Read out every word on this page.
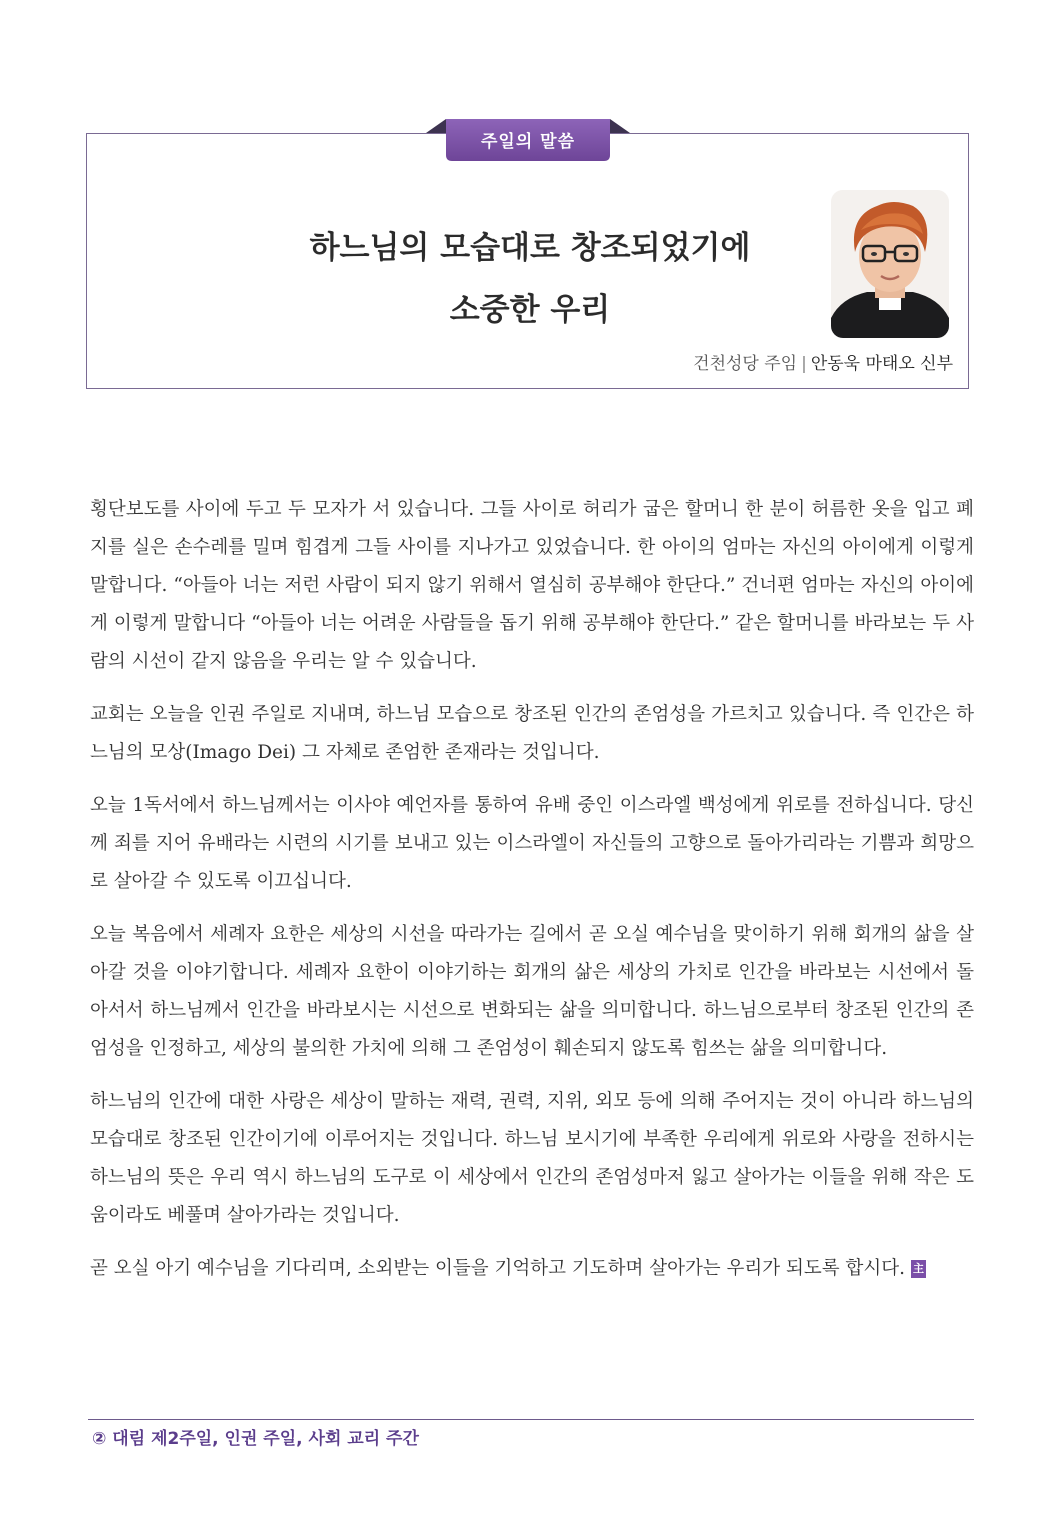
주일의 말씀
하느님의 모습대로 창조되었기에
소중한 우리
건천성당 주임 | 안동욱 마태오 신부

횡단보도를 사이에 두고 두 모자가 서 있습니다. 그들 사이로 허리가 굽은 할머니 한 분이 허름한 옷을 입고 폐지를 실은 손수레를 밀며 힘겹게 그들 사이를 지나가고 있었습니다. 한 아이의 엄마는 자신의 아이에게 이렇게 말합니다. “아들아 너는 저런 사람이 되지 않기 위해서 열심히 공부해야 한단다.” 건너편 엄마는 자신의 아이에게 이렇게 말합니다 “아들아 너는 어려운 사람들을 돕기 위해 공부해야 한단다.” 같은 할머니를 바라보는 두 사람의 시선이 같지 않음을 우리는 알 수 있습니다.

교회는 오늘을 인권 주일로 지내며, 하느님 모습으로 창조된 인간의 존엄성을 가르치고 있습니다. 즉 인간은 하느님의 모상(Imago Dei) 그 자체로 존엄한 존재라는 것입니다.

오늘 1독서에서 하느님께서는 이사야 예언자를 통하여 유배 중인 이스라엘 백성에게 위로를 전하십니다. 당신께 죄를 지어 유배라는 시련의 시기를 보내고 있는 이스라엘이 자신들의 고향으로 돌아가리라는 기쁨과 희망으로 살아갈 수 있도록 이끄십니다.

오늘 복음에서 세례자 요한은 세상의 시선을 따라가는 길에서 곧 오실 예수님을 맞이하기 위해 회개의 삶을 살아갈 것을 이야기합니다. 세례자 요한이 이야기하는 회개의 삶은 세상의 가치로 인간을 바라보는 시선에서 돌아서서 하느님께서 인간을 바라보시는 시선으로 변화되는 삶을 의미합니다. 하느님으로부터 창조된 인간의 존엄성을 인정하고, 세상의 불의한 가치에 의해 그 존엄성이 훼손되지 않도록 힘쓰는 삶을 의미합니다.

하느님의 인간에 대한 사랑은 세상이 말하는 재력, 권력, 지위, 외모 등에 의해 주어지는 것이 아니라 하느님의 모습대로 창조된 인간이기에 이루어지는 것입니다. 하느님 보시기에 부족한 우리에게 위로와 사랑을 전하시는 하느님의 뜻은 우리 역시 하느님의 도구로 이 세상에서 인간의 존엄성마저 잃고 살아가는 이들을 위해 작은 도움이라도 베풀며 살아가라는 것입니다.

곧 오실 아기 예수님을 기다리며, 소외받는 이들을 기억하고 기도하며 살아가는 우리가 되도록 합시다. 主

② 대림 제2주일, 인권 주일, 사회 교리 주간
